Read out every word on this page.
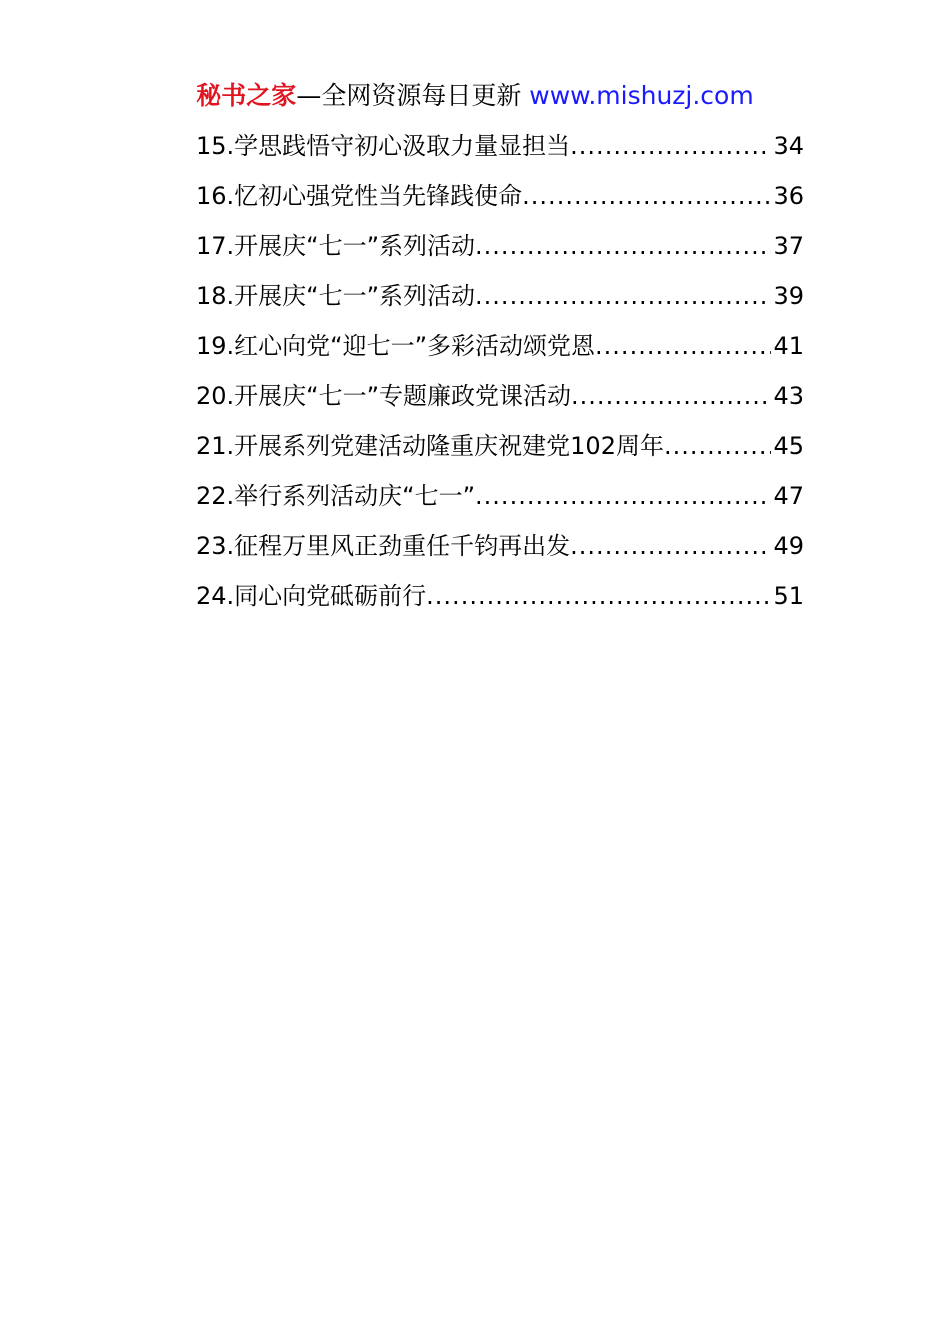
秘书之家—全网资源每日更新 www.mishuzj.com
15.学思践悟守初心汲取力量显担当 .....	34
16.忆初心强党性当先锋践使命 .....	36
17.开展庆“七一”系列活动 .....	37
18.开展庆“七一”系列活动 .....	39
19.红心向党“迎七一”多彩活动颂党恩 .....	41
20.开展庆“七一”专题廉政党课活动 .....	43
21.开展系列党建活动隆重庆祝建党102周年 .....	45
22.举行系列活动庆“七一” .....	47
23.征程万里风正劲重任千钧再出发 .....	49
24.同心向党砥砺前行 .....	51
